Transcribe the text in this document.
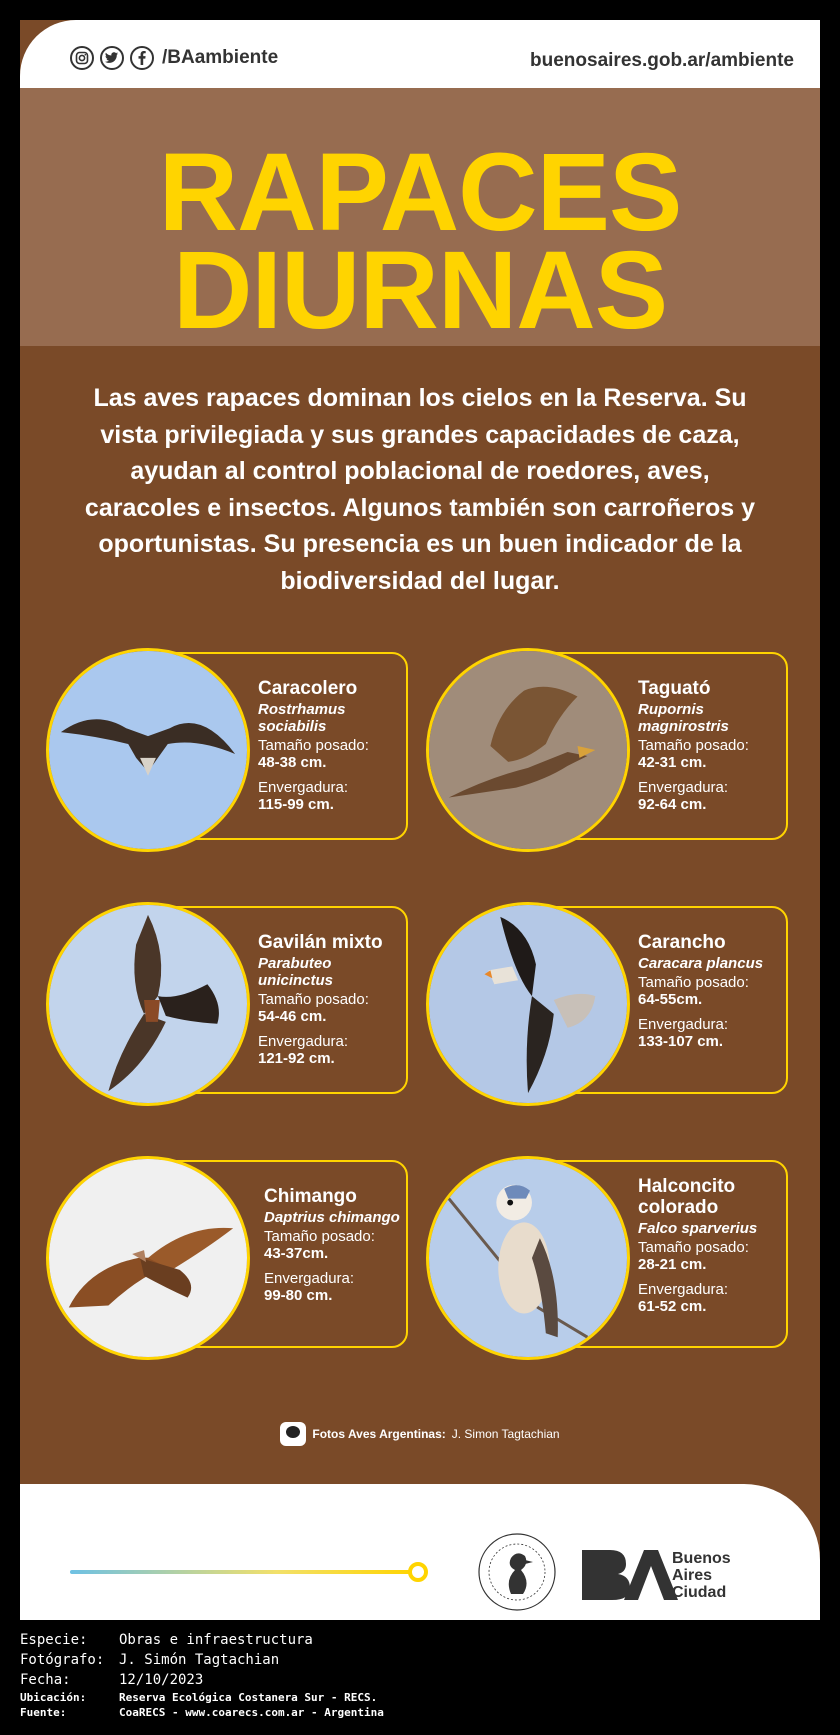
/BAambiente	buenosaires.gob.ar/ambiente
RAPACES
DIURNAS
Las aves rapaces dominan los cielos en la Reserva. Su vista privilegiada y sus grandes capacidades de caza, ayudan al control poblacional de roedores, aves, caracoles e insectos. Algunos también son carroñeros y oportunistas. Su presencia es un buen indicador de la biodiversidad del lugar.
Caracolero
Rostrhamus sociabilis
Tamaño posado:
48-38 cm.
Envergadura:
115-99 cm.
Taguató
Rupornis magnirostris
Tamaño posado:
42-31 cm.
Envergadura:
92-64 cm.
Gavilán mixto
Parabuteo unicinctus
Tamaño posado:
54-46 cm.
Envergadura:
121-92 cm.
Carancho
Caracara plancus
Tamaño posado:
64-55cm.
Envergadura:
133-107 cm.
Chimango
Daptrius chimango
Tamaño posado:
43-37cm.
Envergadura:
99-80 cm.
Halconcito colorado
Falco sparverius
Tamaño posado:
28-21 cm.
Envergadura:
61-52 cm.
Fotos Aves Argentinas: J. Simon Tagtachian
Buenos
Aires
Ciudad
Especie:	Obras e infraestructura
Fotógrafo:	J. Simón Tagtachian
Fecha:	12/10/2023
Ubicación:	Reserva Ecológica Costanera Sur - RECS.
Fuente:	CoaRECS - www.coarecs.com.ar - Argentina
